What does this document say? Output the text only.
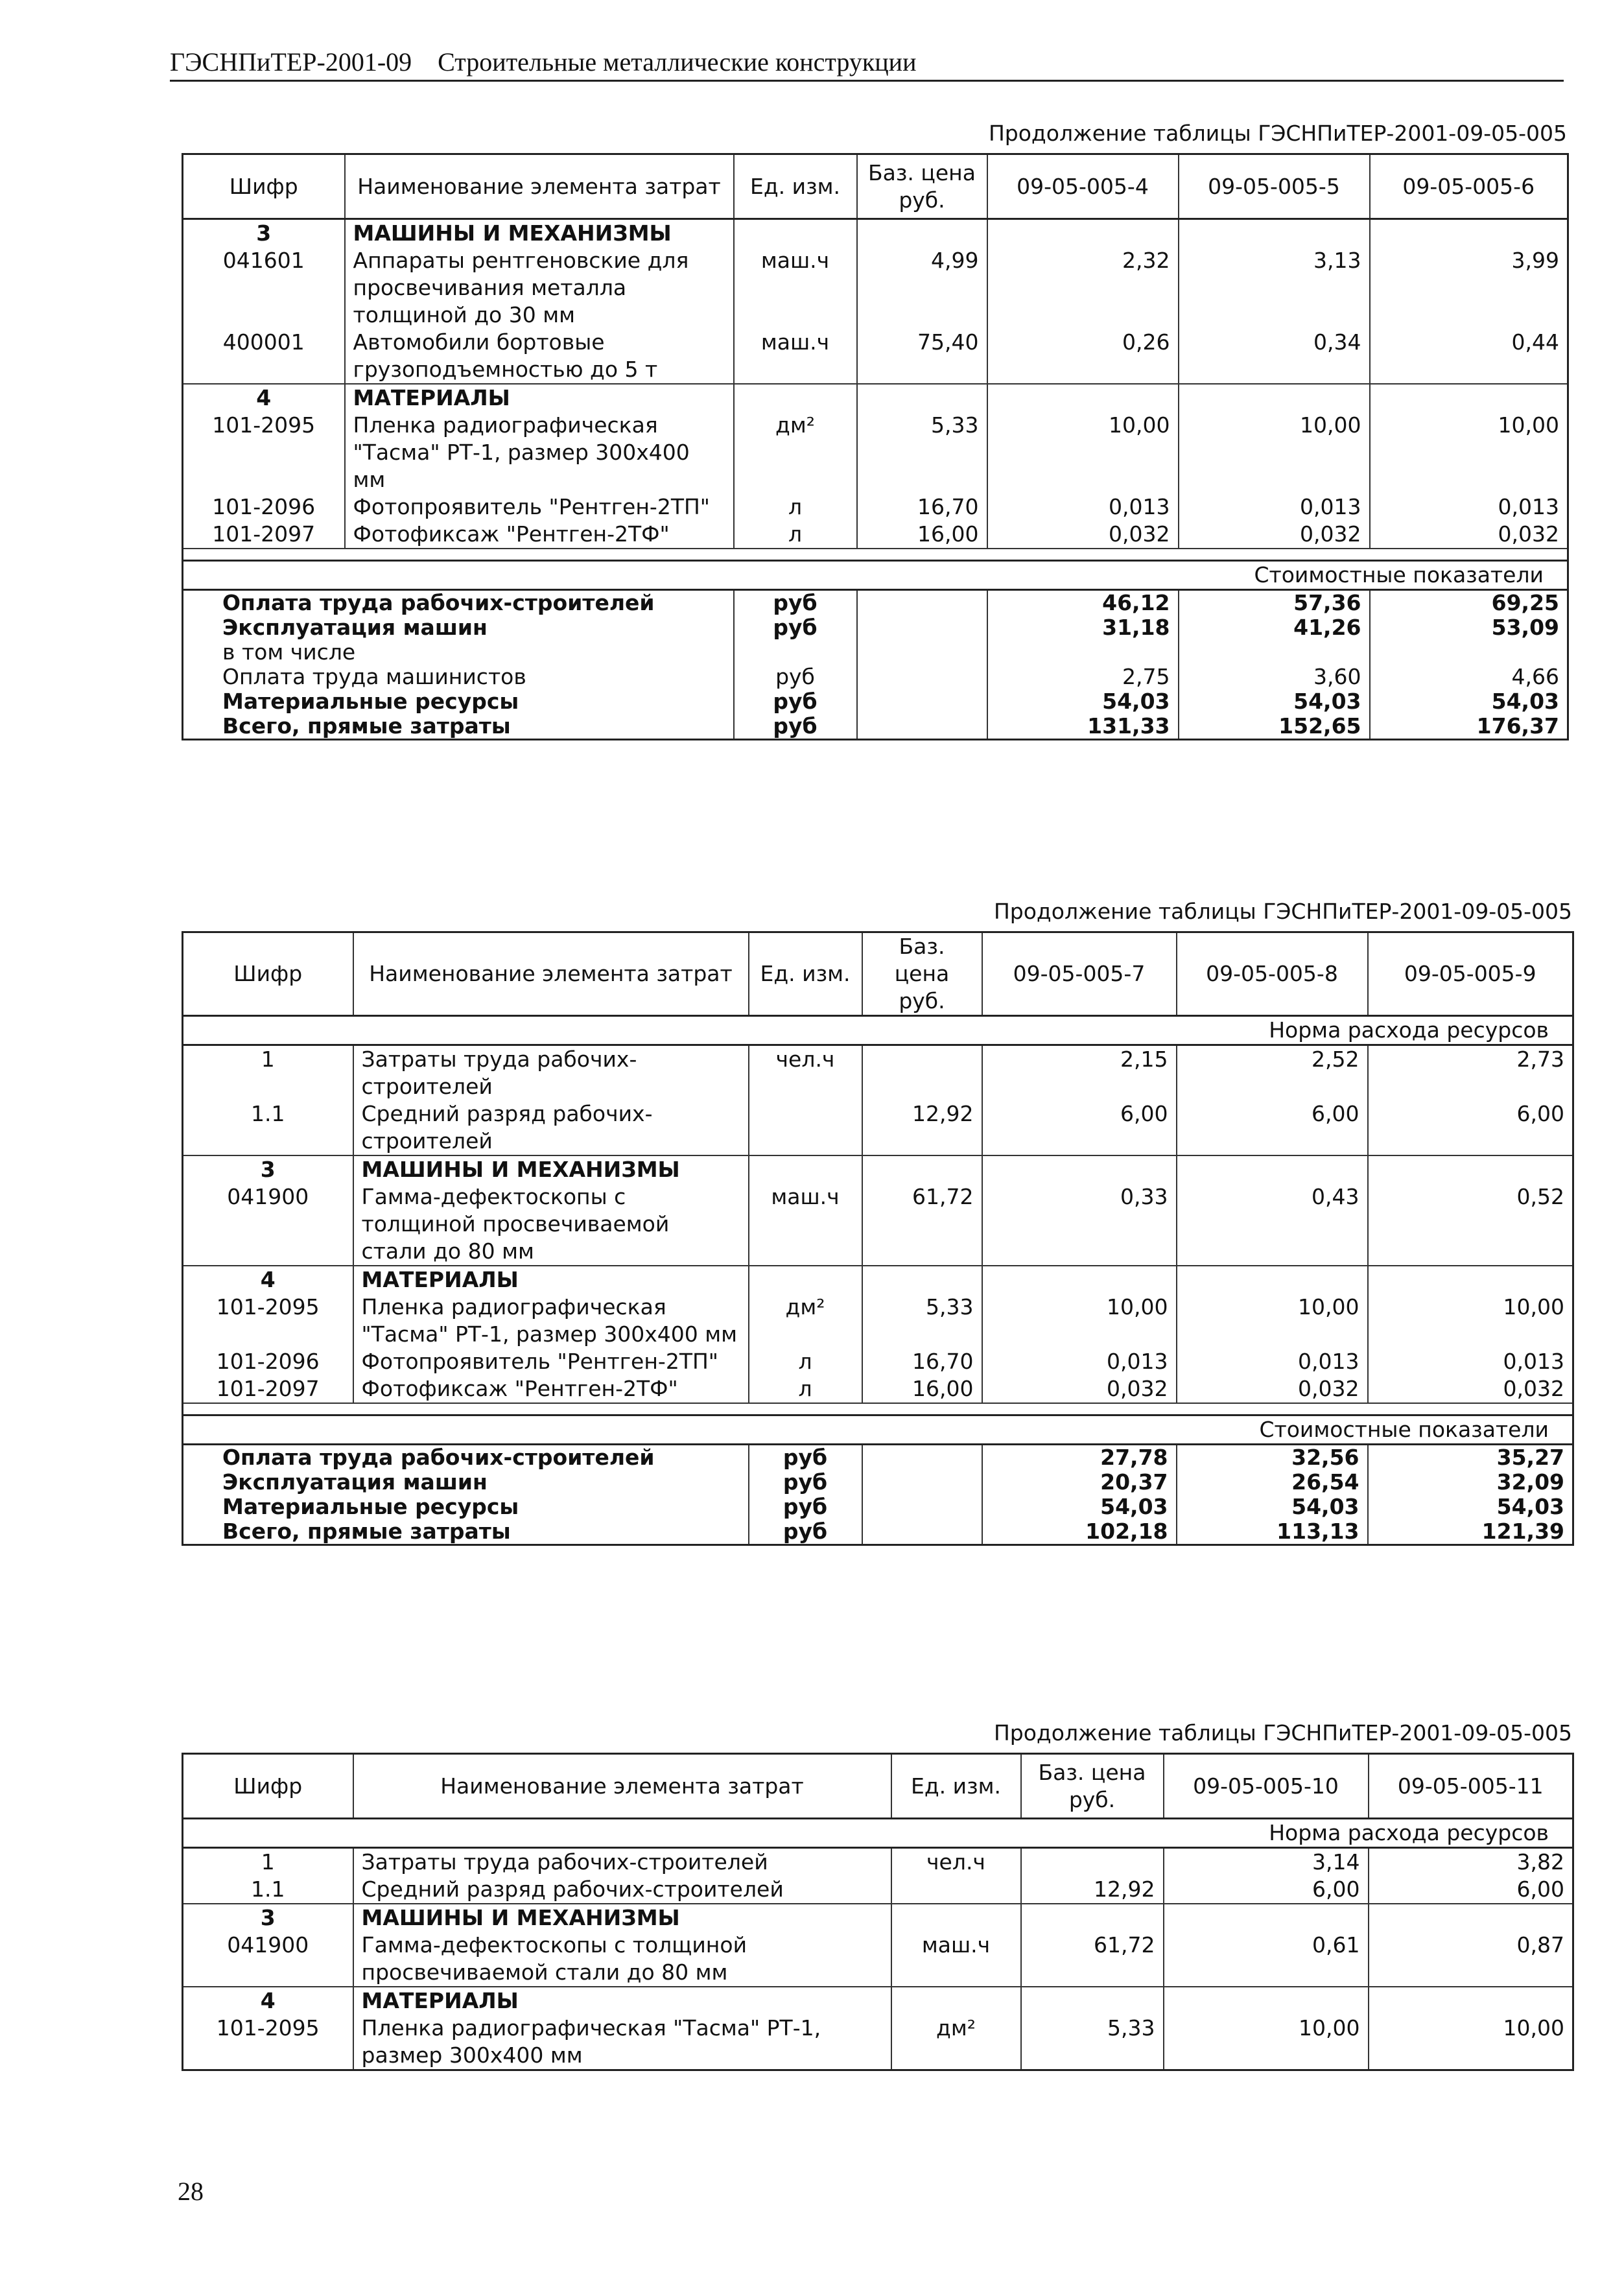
ГЭСНПиТЕР-2001-09 Строительные металлические конструкции
Продолжение таблицы ГЭСНПиТЕР-2001-09-05-005
Шифр	Наименование элемента затрат	Ед. изм.	Баз. цена руб.	09-05-005-4	09-05-005-5	09-05-005-6
3	МАШИНЫ И МЕХАНИЗМЫ					
041601	Аппараты рентгеновские для просвечивания металла толщиной до 30 мм	маш.ч	4,99	2,32	3,13	3,99
400001	Автомобили бортовые грузоподъемностью до 5 т	маш.ч	75,40	0,26	0,34	0,44
4	МАТЕРИАЛЫ					
101-2095	Пленка радиографическая "Тасма" РТ-1, размер 300х400 мм	дм²	5,33	10,00	10,00	10,00
101-2096	Фотопроявитель "Рентген-2ТП"	л	16,70	0,013	0,013	0,013
101-2097	Фотофиксаж "Рентген-2ТФ"	л	16,00	0,032	0,032	0,032

Стоимостные показатели						
Оплата труда рабочих-строителей		руб		46,12	57,36	69,25
Эксплуатация машин		руб		31,18	41,26	53,09
в том числе						
Оплата труда машинистов		руб		2,75	3,60	4,66
Материальные ресурсы		руб		54,03	54,03	54,03
Всего, прямые затраты		руб		131,33	152,65	176,37
Продолжение таблицы ГЭСНПиТЕР-2001-09-05-005
Шифр	Наименование элемента затрат	Ед. изм.	Баз. цена руб.	09-05-005-7	09-05-005-8	09-05-005-9
Норма расхода ресурсов						
1	Затраты труда рабочих-строителей	чел.ч		2,15	2,52	2,73
1.1	Средний разряд рабочих-строителей		12,92	6,00	6,00	6,00
3	МАШИНЫ И МЕХАНИЗМЫ					
041900	Гамма-дефектоскопы с толщиной просвечиваемой стали до 80 мм	маш.ч	61,72	0,33	0,43	0,52
4	МАТЕРИАЛЫ					
101-2095	Пленка радиографическая "Тасма" РТ-1, размер 300х400 мм	дм²	5,33	10,00	10,00	10,00
101-2096	Фотопроявитель "Рентген-2ТП"	л	16,70	0,013	0,013	0,013
101-2097	Фотофиксаж "Рентген-2ТФ"	л	16,00	0,032	0,032	0,032

Стоимостные показатели						
Оплата труда рабочих-строителей		руб		27,78	32,56	35,27
Эксплуатация машин		руб		20,37	26,54	32,09
Материальные ресурсы		руб		54,03	54,03	54,03
Всего, прямые затраты		руб		102,18	113,13	121,39
Продолжение таблицы ГЭСНПиТЕР-2001-09-05-005
Шифр	Наименование элемента затрат	Ед. изм.	Баз. цена руб.	09-05-005-10	09-05-005-11
Норма расхода ресурсов					
1	Затраты труда рабочих-строителей	чел.ч		3,14	3,82
1.1	Средний разряд рабочих-строителей		12,92	6,00	6,00
3	МАШИНЫ И МЕХАНИЗМЫ				
041900	Гамма-дефектоскопы с толщиной просвечиваемой стали до 80 мм	маш.ч	61,72	0,61	0,87
4	МАТЕРИАЛЫ				
101-2095	Пленка радиографическая "Тасма" РТ-1, размер 300х400 мм	дм²	5,33	10,00	10,00
28
